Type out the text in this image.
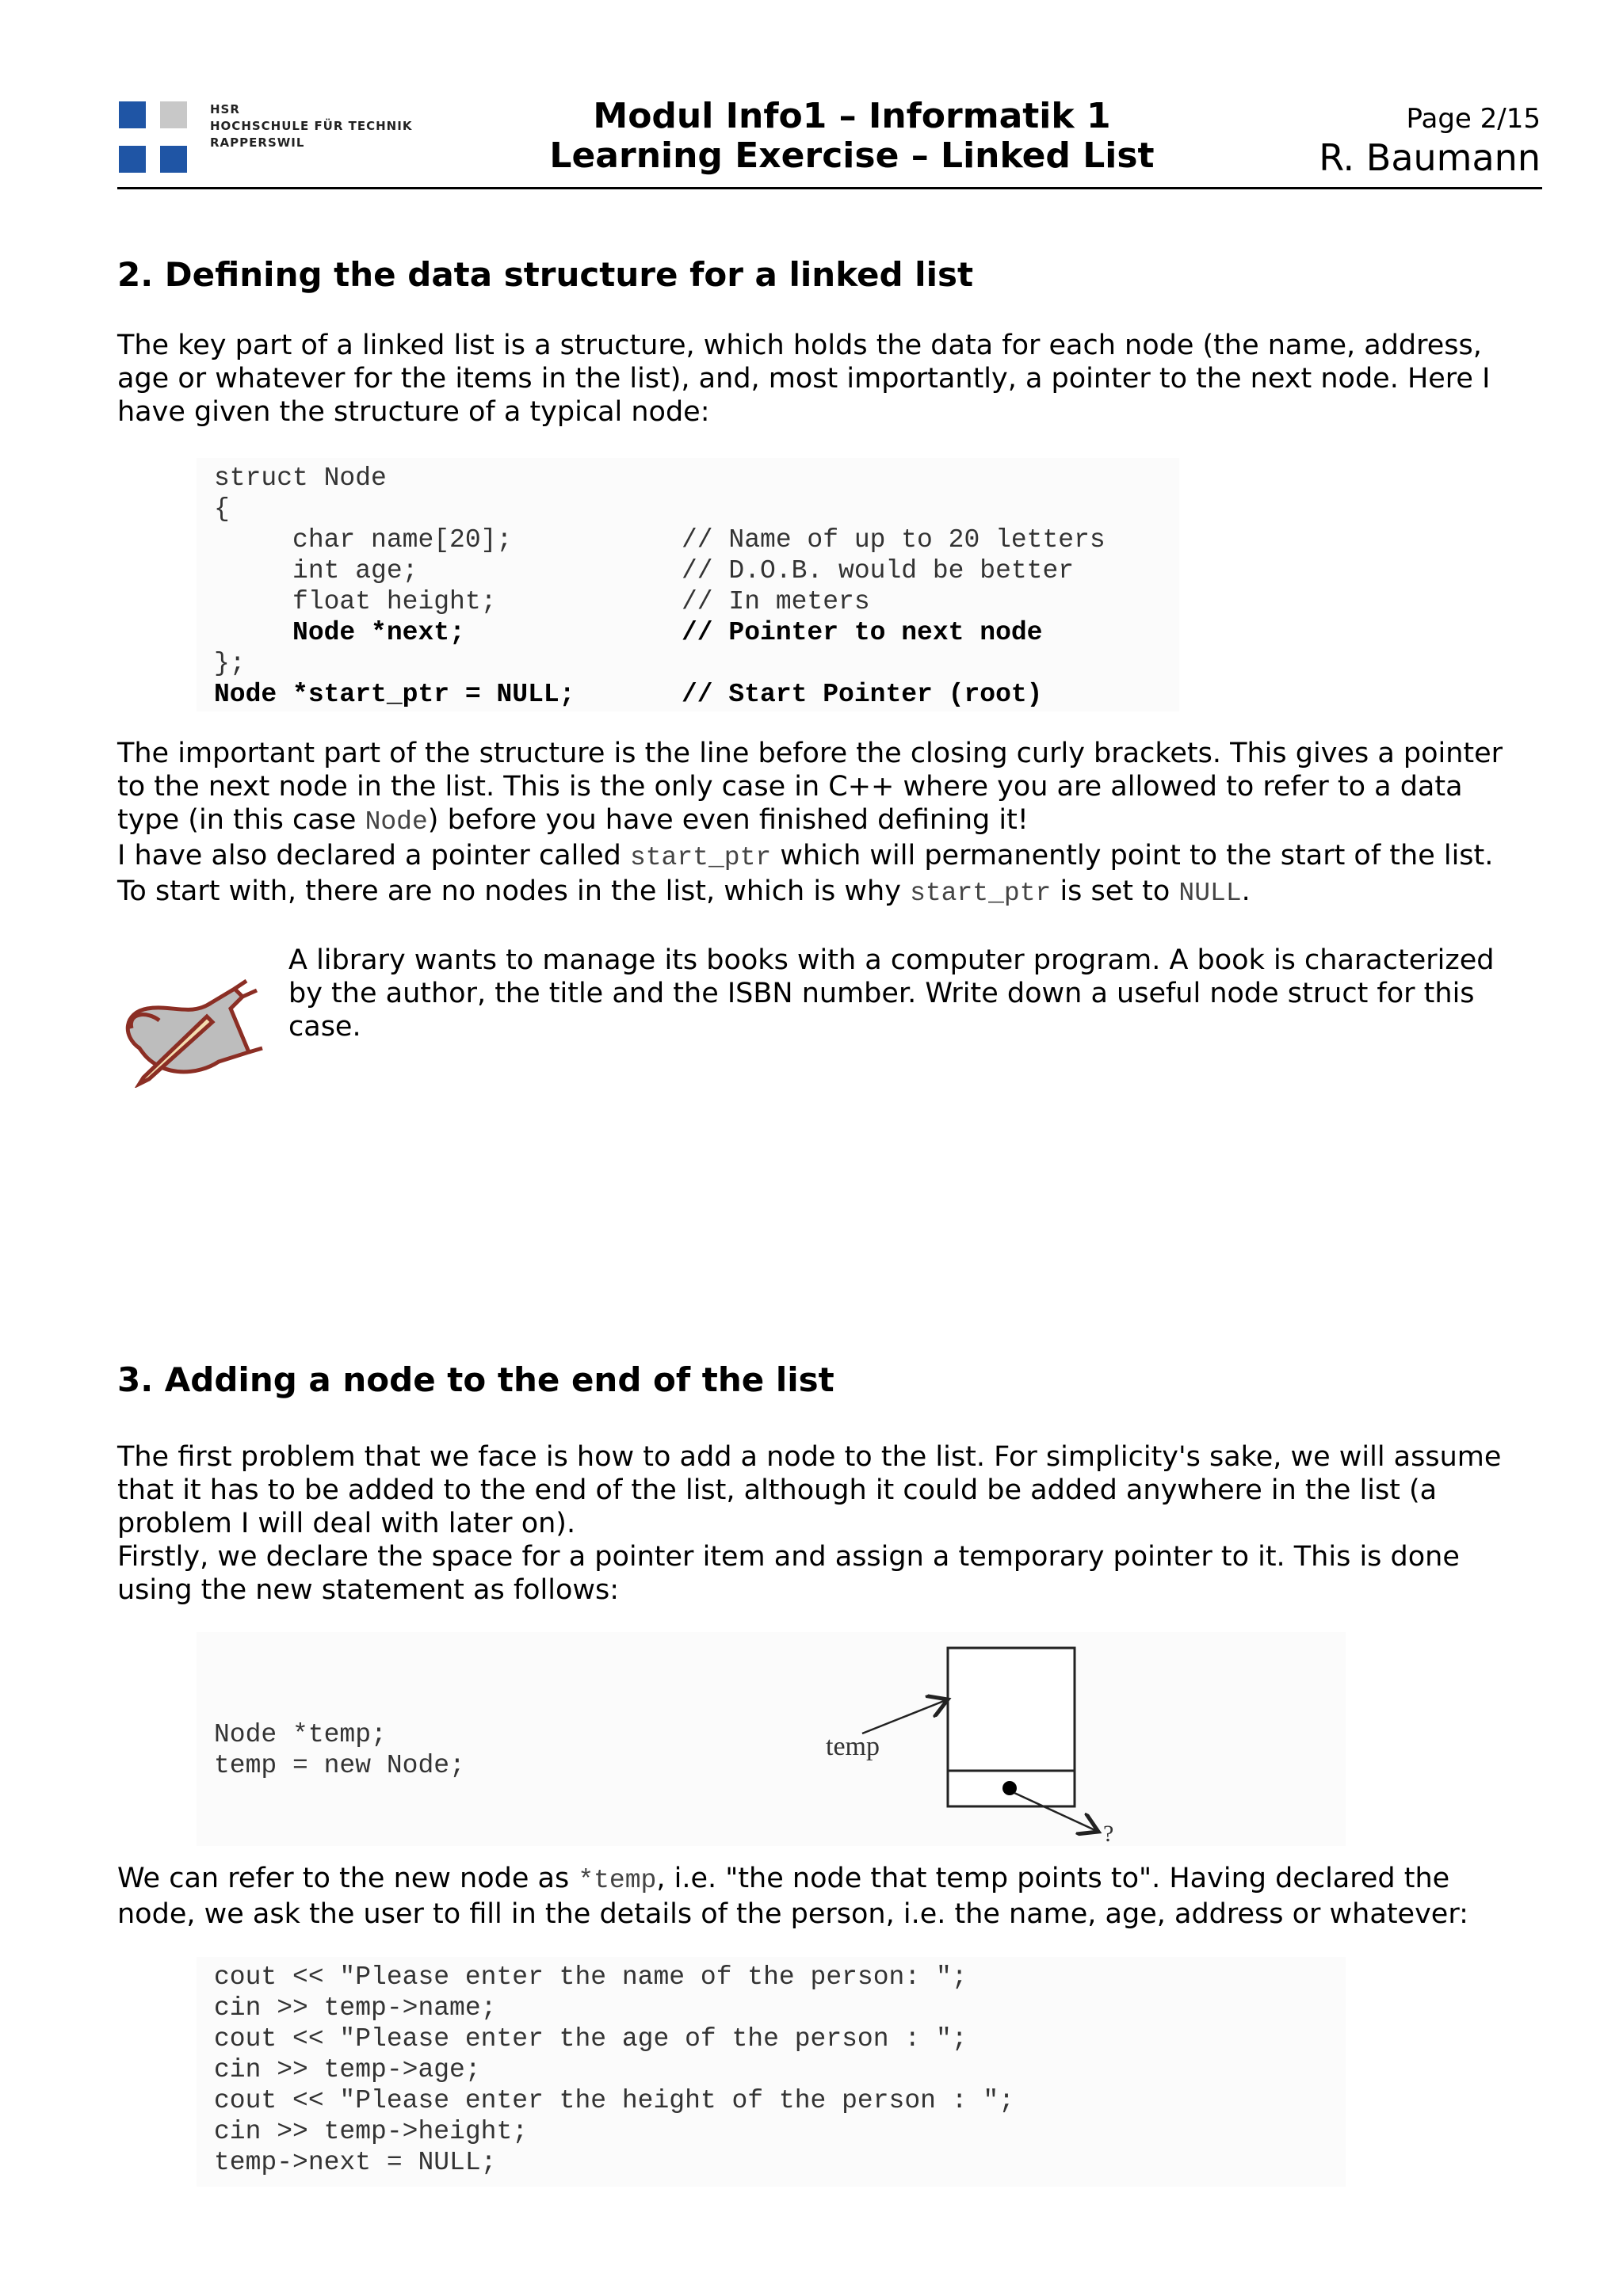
HSR
HOCHSCHULE FÜR TECHNIK
RAPPERSWIL
Modul Info1 – Informatik 1
Learning Exercise – Linked List
Page 2/15
R. Baumann
2. Defining the data structure for a linked list

The key part of a linked list is a structure, which holds the data for each node (the name, address, age or whatever for the items in the list), and, most importantly, a pointer to the next node. Here I have given the structure of a typical node:

struct Node
{
char name[20];	// Name of up to 20 letters
int age;	// D.O.B. would be better
float height;	// In meters
Node *next;	// Pointer to next node
};
Node *start_ptr = NULL;	// Start Pointer (root)

The important part of the structure is the line before the closing curly brackets. This gives a pointer to the next node in the list. This is the only case in C++ where you are allowed to refer to a data type (in this case Node) before you have even finished defining it!

I have also declared a pointer called start_ptr which will permanently point to the start of the list.

To start with, there are no nodes in the list, which is why start_ptr is set to NULL.

A library wants to manage its books with a computer program. A book is characterized by the author, the title and the ISBN number. Write down a useful node struct for this case.

3. Adding a node to the end of the list

The first problem that we face is how to add a node to the list. For simplicity's sake, we will assume that it has to be added to the end of the list, although it could be added anywhere in the list (a problem I will deal with later on).

Firstly, we declare the space for a pointer item and assign a temporary pointer to it. This is done using the new statement as follows:

Node *temp;
temp = new Node;
temp
?

We can refer to the new node as *temp, i.e. "the node that temp points to". Having declared the node, we ask the user to fill in the details of the person, i.e. the name, age, address or whatever:

cout << "Please enter the name of the person: ";
cin >> temp->name;
cout << "Please enter the age of the person : ";
cin >> temp->age;
cout << "Please enter the height of the person : ";
cin >> temp->height;
temp->next = NULL;
